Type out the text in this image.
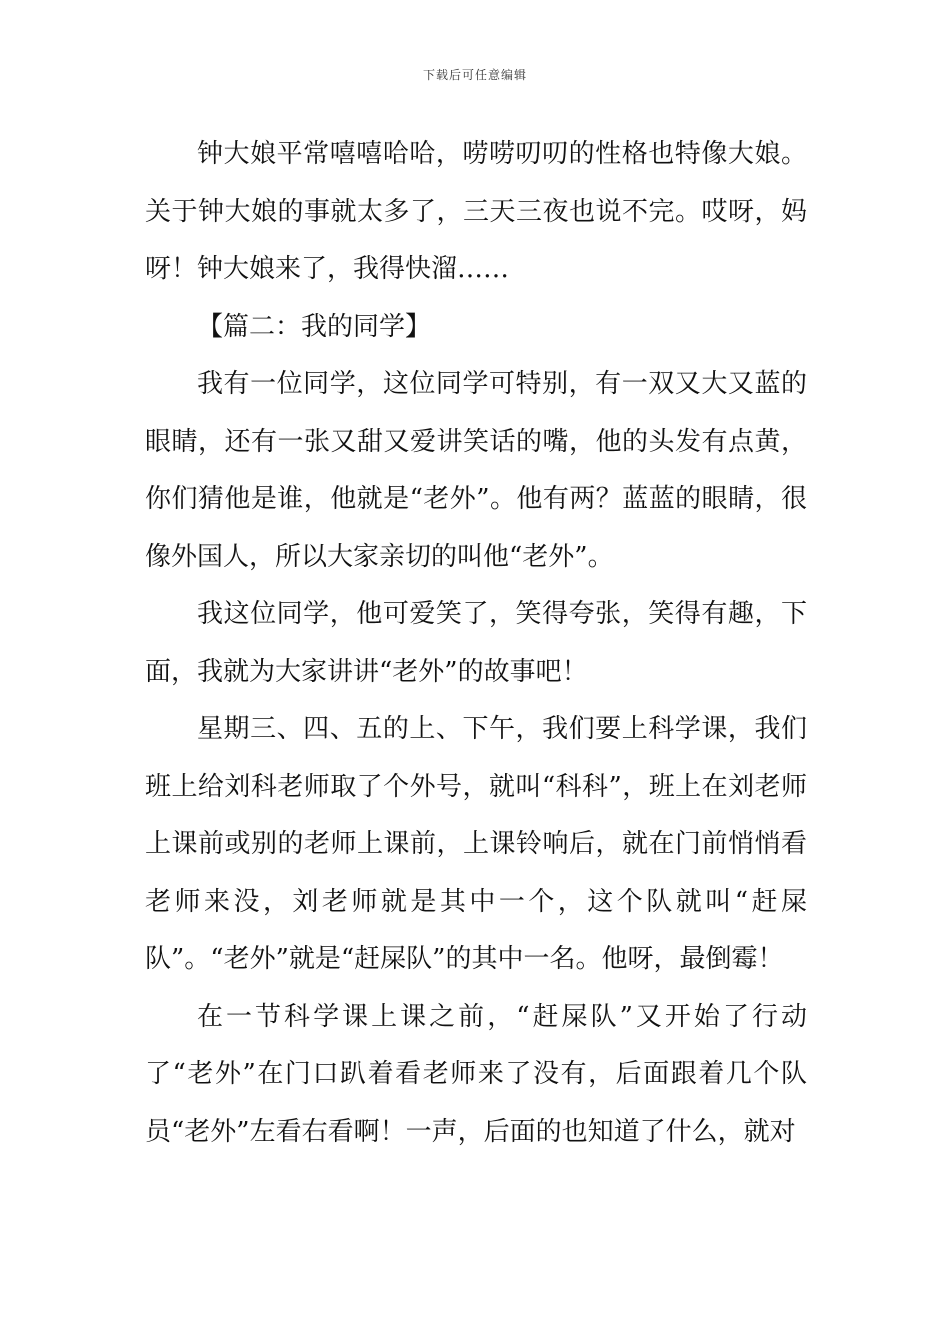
下载后可任意编辑

钟大娘平常嘻嘻哈哈，唠唠叨叨的性格也特像大娘。关于钟大娘的事就太多了，三天三夜也说不完。哎呀，妈呀！钟大娘来了，我得快溜……

【篇二：我的同学】

我有一位同学，这位同学可特别，有一双又大又蓝的眼睛，还有一张又甜又爱讲笑话的嘴，他的头发有点黄，你们猜他是谁，他就是“老外”。他有两？蓝蓝的眼睛，很像外国人，所以大家亲切的叫他“老外”。

我这位同学，他可爱笑了，笑得夸张，笑得有趣，下面，我就为大家讲讲“老外”的故事吧！

星期三、四、五的上、下午，我们要上科学课，我们班上给刘科老师取了个外号，就叫“科科”，班上在刘老师上课前或别的老师上课前，上课铃响后，就在门前悄悄看老师来没，刘老师就是其中一个，这个队就叫“赶屎队”。“老外”就是“赶屎队”的其中一名。他呀，最倒霉！

在一节科学课上课之前，“赶屎队”又开始了行动了“老外”在门口趴着看老师来了没有，后面跟着几个队员“老外”左看右看啊！一声，后面的也知道了什么，就对
